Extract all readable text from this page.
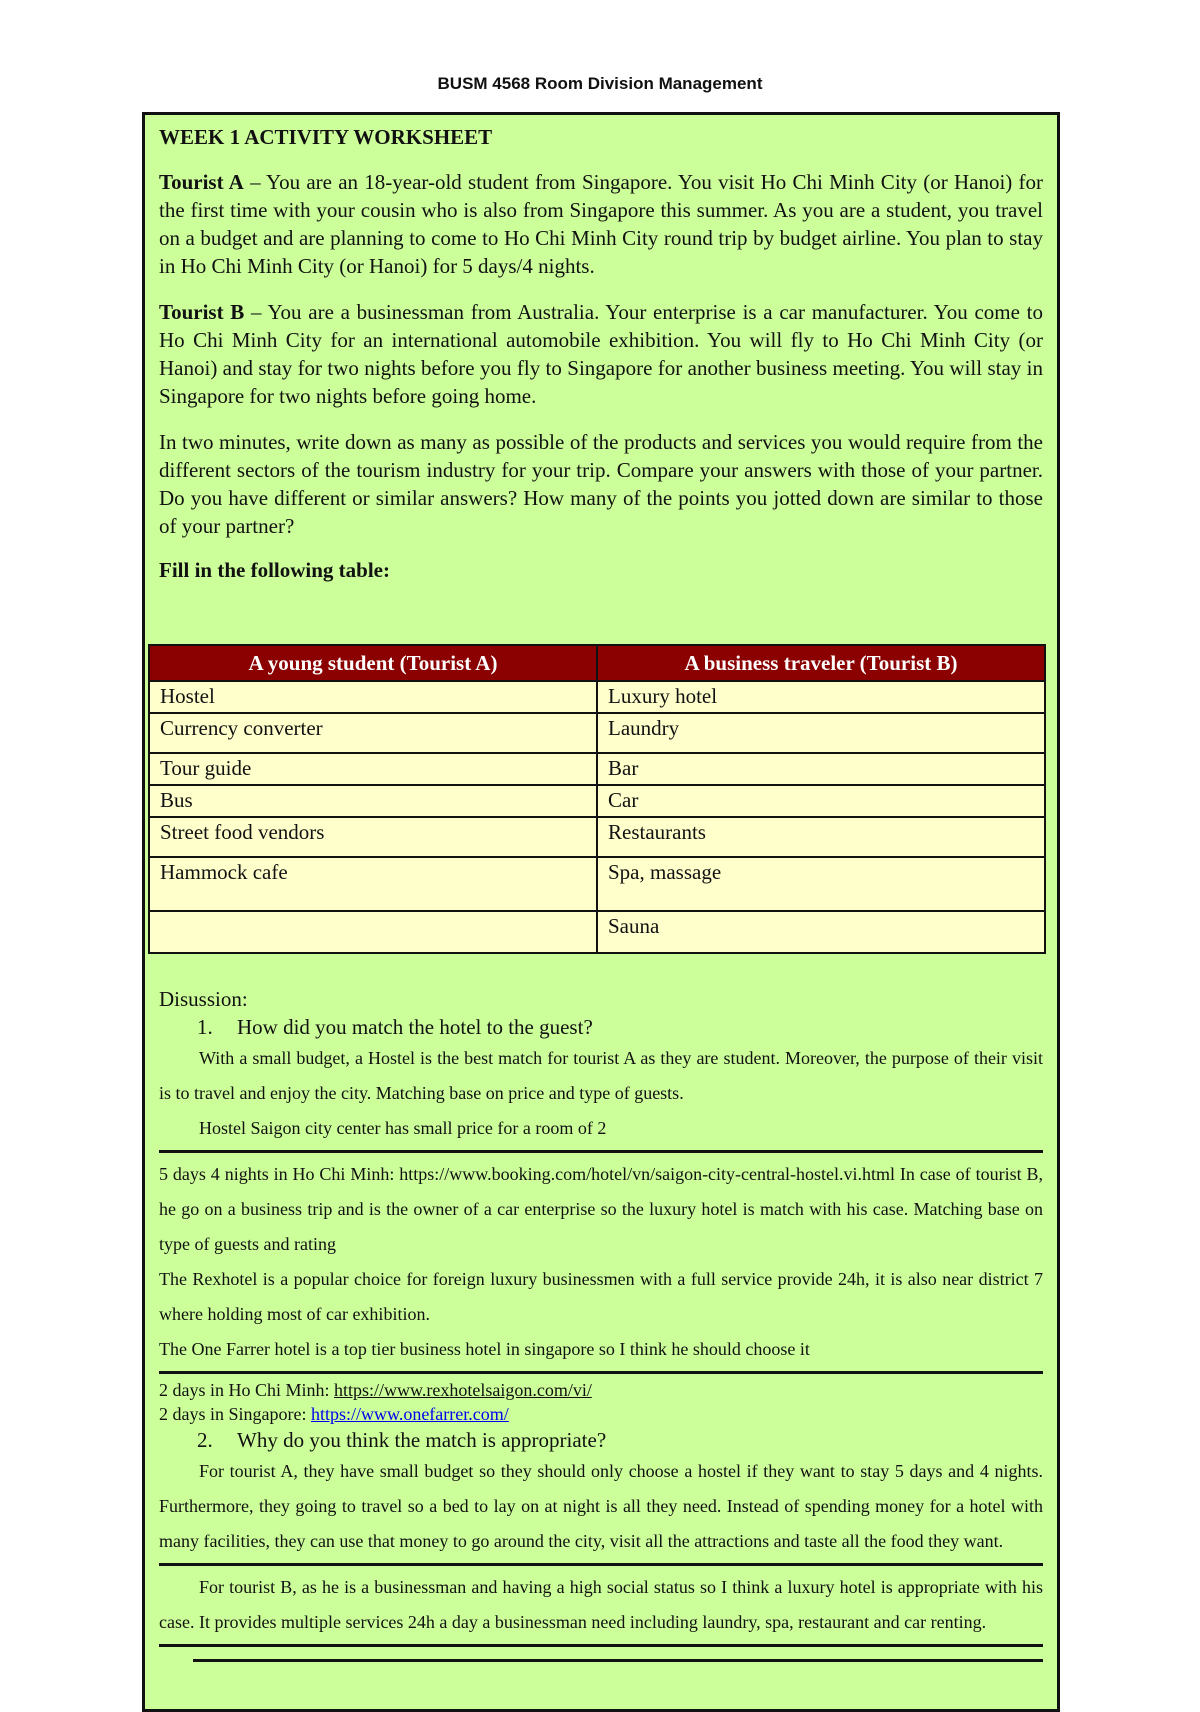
BUSM 4568 Room Division Management
WEEK 1 ACTIVITY WORKSHEET

Tourist A – You are an 18-year-old student from Singapore. You visit Ho Chi Minh City (or Hanoi) for the first time with your cousin who is also from Singapore this summer. As you are a student, you travel on a budget and are planning to come to Ho Chi Minh City round trip by budget airline. You plan to stay in Ho Chi Minh City (or Hanoi) for 5 days/4 nights.

Tourist B – You are a businessman from Australia. Your enterprise is a car manufacturer. You come to Ho Chi Minh City for an international automobile exhibition. You will fly to Ho Chi Minh City (or Hanoi) and stay for two nights before you fly to Singapore for another business meeting. You will stay in Singapore for two nights before going home.

In two minutes, write down as many as possible of the products and services you would require from the different sectors of the tourism industry for your trip. Compare your answers with those of your partner. Do you have different or similar answers? How many of the points you jotted down are similar to those of your partner?

Fill in the following table:
A young student (Tourist A)	A business traveler (Tourist B)
Hostel	Luxury hotel
Currency converter	Laundry
Tour guide	Bar
Bus	Car
Street food vendors	Restaurants
Hammock cafe	Spa, massage
	Sauna
Disussion:
1. How did you match the hotel to the guest?
With a small budget, a Hostel is the best match for tourist A as they are student. Moreover, the purpose of their visit is to travel and enjoy the city. Matching base on price and type of guests.
Hostel Saigon city center has small price for a room of 2
5 days 4 nights in Ho Chi Minh: https://www.booking.com/hotel/vn/saigon-city-central-hostel.vi.html In case of tourist B, he go on a business trip and is the owner of a car enterprise so the luxury hotel is match with his case. Matching base on type of guests and rating
The Rexhotel is a popular choice for foreign luxury businessmen with a full service provide 24h, it is also near district 7 where holding most of car exhibition.
The One Farrer hotel is a top tier business hotel in singapore so I think he should choose it
2 days in Ho Chi Minh: https://www.rexhotelsaigon.com/vi/
2 days in Singapore: https://www.onefarrer.com/
2. Why do you think the match is appropriate?
For tourist A, they have small budget so they should only choose a hostel if they want to stay 5 days and 4 nights. Furthermore, they going to travel so a bed to lay on at night is all they need. Instead of spending money for a hotel with many facilities, they can use that money to go around the city, visit all the attractions and taste all the food they want.
For tourist B, as he is a businessman and having a high social status so I think a luxury hotel is appropriate with his case. It provides multiple services 24h a day a businessman need including laundry, spa, restaurant and car renting.
